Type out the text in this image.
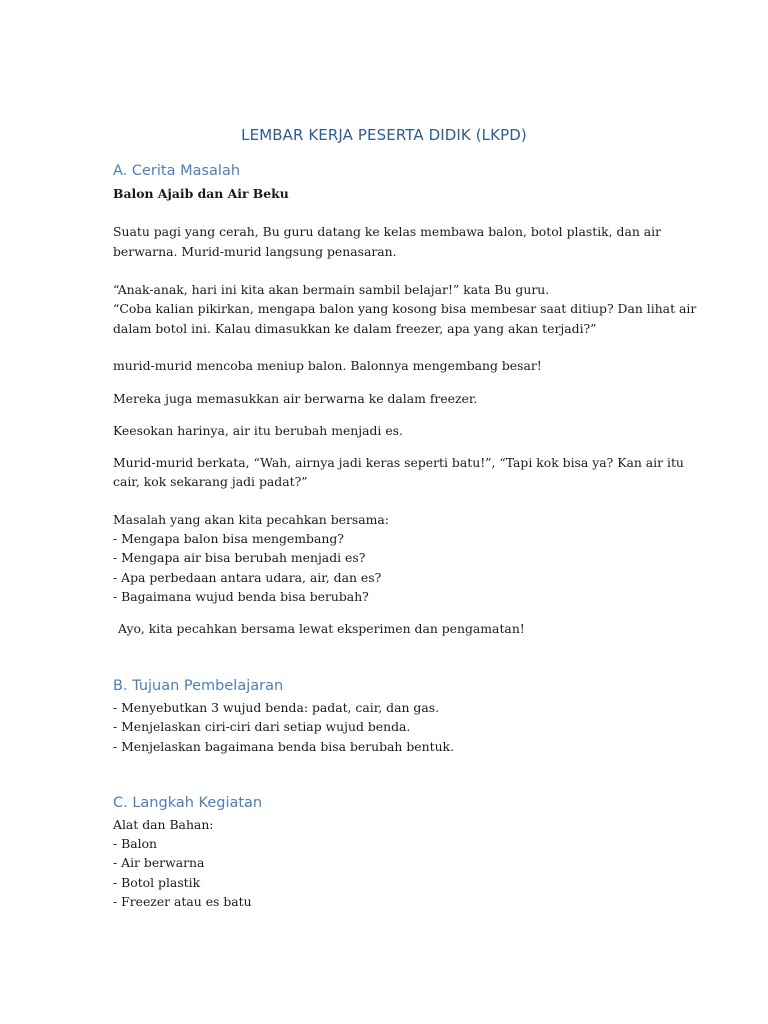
LEMBAR KERJA PESERTA DIDIK (LKPD)
A. Cerita Masalah
Balon Ajaib dan Air Beku
Suatu pagi yang cerah, Bu guru datang ke kelas membawa balon, botol plastik, dan air
berwarna. Murid-murid langsung penasaran.
“Anak-anak, hari ini kita akan bermain sambil belajar!” kata Bu guru.
“Coba kalian pikirkan, mengapa balon yang kosong bisa membesar saat ditiup? Dan lihat air
dalam botol ini. Kalau dimasukkan ke dalam freezer, apa yang akan terjadi?”
murid-murid mencoba meniup balon. Balonnya mengembang besar!
Mereka juga memasukkan air berwarna ke dalam freezer.
Keesokan harinya, air itu berubah menjadi es.
Murid-murid berkata, “Wah, airnya jadi keras seperti batu!”, “Tapi kok bisa ya? Kan air itu
cair, kok sekarang jadi padat?”
Masalah yang akan kita pecahkan bersama:
- Mengapa balon bisa mengembang?
- Mengapa air bisa berubah menjadi es?
- Apa perbedaan antara udara, air, dan es?
- Bagaimana wujud benda bisa berubah?
Ayo, kita pecahkan bersama lewat eksperimen dan pengamatan!
B. Tujuan Pembelajaran
- Menyebutkan 3 wujud benda: padat, cair, dan gas.
- Menjelaskan ciri-ciri dari setiap wujud benda.
- Menjelaskan bagaimana benda bisa berubah bentuk.
C. Langkah Kegiatan
Alat dan Bahan:
- Balon
- Air berwarna
- Botol plastik
- Freezer atau es batu
